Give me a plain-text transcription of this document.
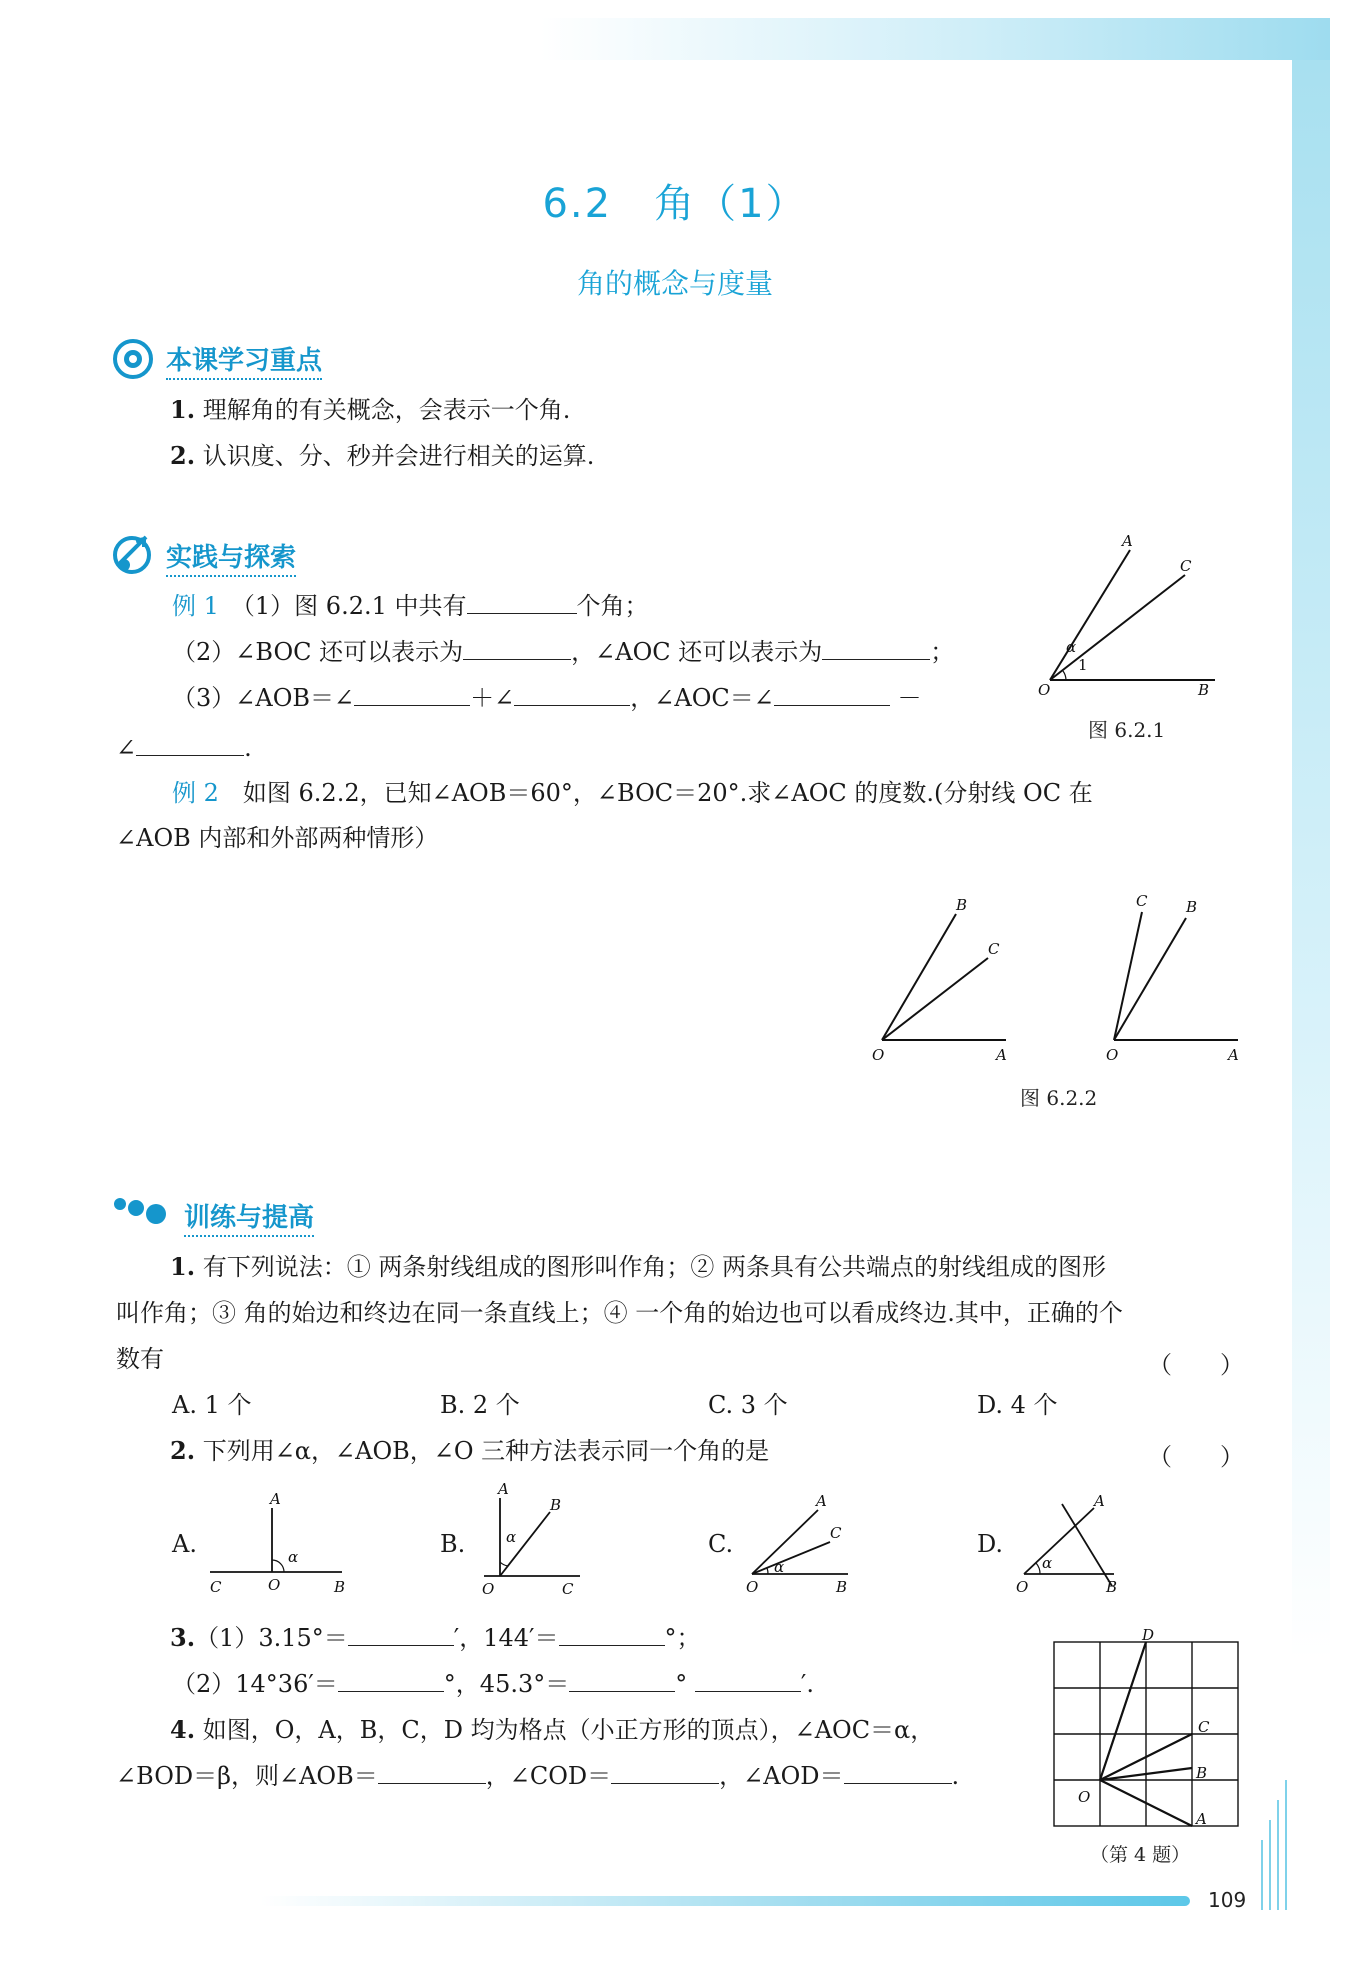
6.2　角（1）
角的概念与度量
本课学习重点
1. 理解角的有关概念，会表示一个角.
2. 认识度、分、秒并会进行相关的运算.
实践与探索
例 1　 （1）图 6.2.1 中共有	个角；
（2）∠BOC 还可以表示为	，∠AOC 还可以表示为	；
（3）∠AOB＝∠	＋∠	，∠AOC＝∠	－
∠	.
A
C
O	B
α
1
图 6.2.1
例 2　 如图 6.2.2，已知∠AOB＝60°，∠BOC＝20°.求∠AOC 的度数.(分射线 OC 在
∠AOB 内部和外部两种情形）
B
C
O	A
C	B
O	A
图 6.2.2
训练与提高
1. 有下列说法：① 两条射线组成的图形叫作角；② 两条具有公共端点的射线组成的图形
叫作角；③ 角的始边和终边在同一条直线上；④ 一个角的始边也可以看成终边.其中，正确的个
数有	（　　）
A. 1 个	B. 2 个	C. 3 个	D. 4 个
2. 下列用∠α，∠AOB，∠O 三种方法表示同一个角的是	（　　）
A.
A
α
C	O	B
B.
A
B
α
O	C
C.
A
C
α
O	B
D.
A
α
O	B
3.（1）3.15°＝	′，144′＝	°；
（2）14°36′＝	°，45.3°＝	°	′.
4. 如图，O，A，B，C，D 均为格点（小正方形的顶点），∠AOC＝α，
∠BOD＝β，则∠AOB＝	，∠COD＝	，∠AOD＝	.
D
C
B
O
A
（第 4 题）
109
